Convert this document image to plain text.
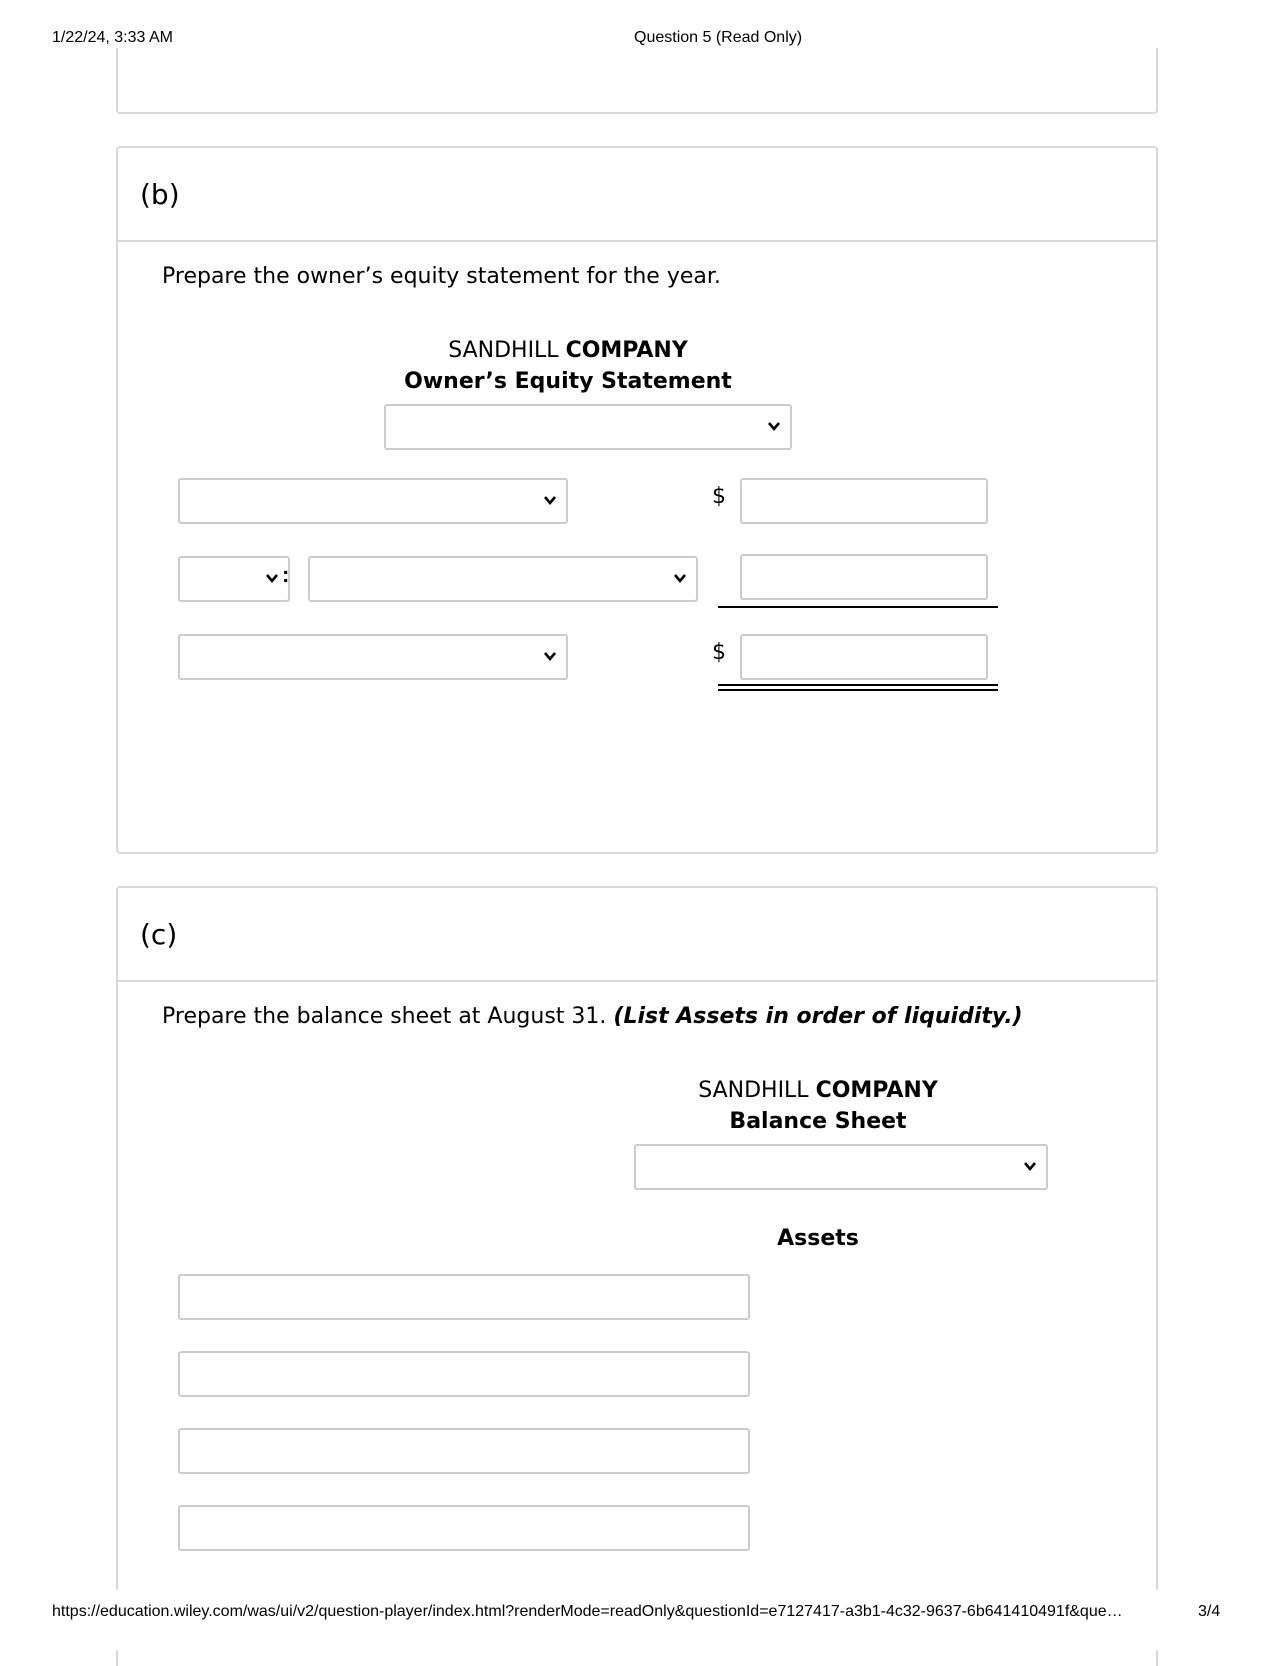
1/22/24, 3:33 AM	Question 5 (Read Only)
(b)
Prepare the owner’s equity statement for the year.
SANDHILL COMPANY
Owner’s Equity Statement
$
:
$
(c)
Prepare the balance sheet at August 31. (List Assets in order of liquidity.)
SANDHILL COMPANY
Balance Sheet
Assets
https://education.wiley.com/was/ui/v2/question-player/index.html?renderMode=readOnly&questionId=e7127417-a3b1-4c32-9637-6b641410491f&que…	3/4
